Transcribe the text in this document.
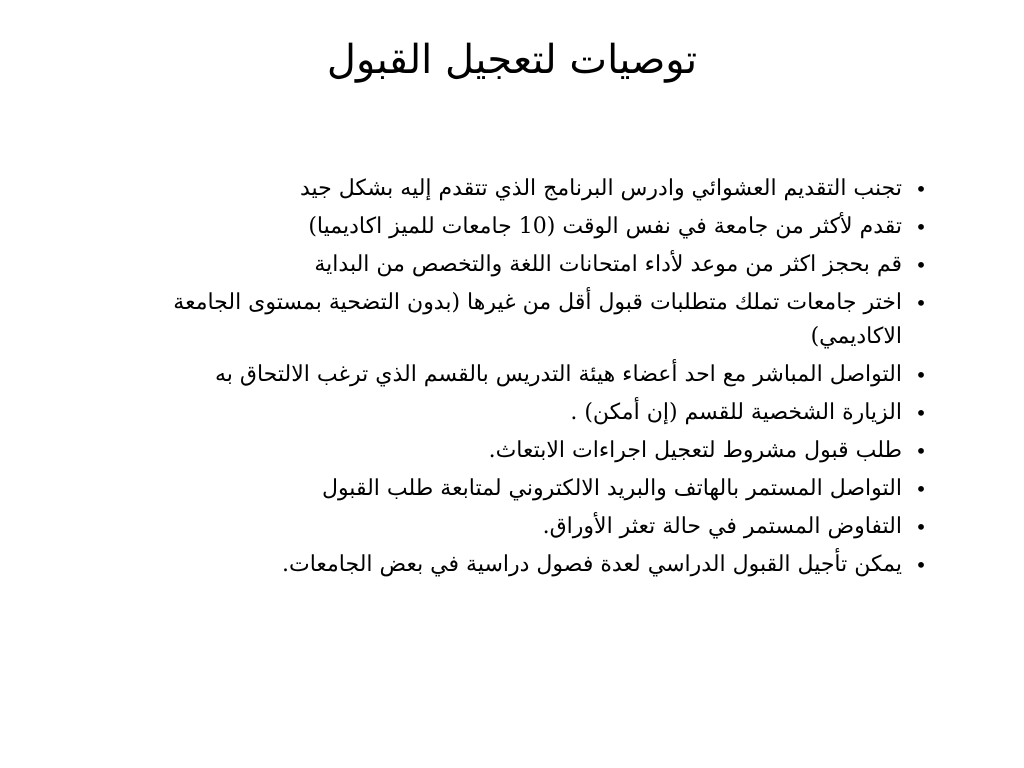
توصيات لتعجيل القبول
•
تجنب التقديم العشوائي وادرس البرنامج الذي تتقدم إليه بشكل جيد
•
تقدم لأكثر من جامعة في نفس الوقت (10 جامعات للميز اكاديميا)
•
قم بحجز اكثر من موعد لأداء امتحانات اللغة والتخصص من البداية
•
اختر جامعات تملك متطلبات قبول أقل من غيرها (بدون التضحية بمستوى الجامعة الاكاديمي)
•
التواصل المباشر مع احد أعضاء هيئة التدريس بالقسم الذي ترغب الالتحاق به
•
الزيارة الشخصية للقسم (إن أمكن) .
•
طلب قبول مشروط لتعجيل اجراءات الابتعاث.
•
التواصل المستمر بالهاتف والبريد الالكتروني لمتابعة طلب القبول
•
التفاوض المستمر في حالة تعثر الأوراق.
•
يمكن تأجيل القبول الدراسي لعدة فصول دراسية في بعض الجامعات.
